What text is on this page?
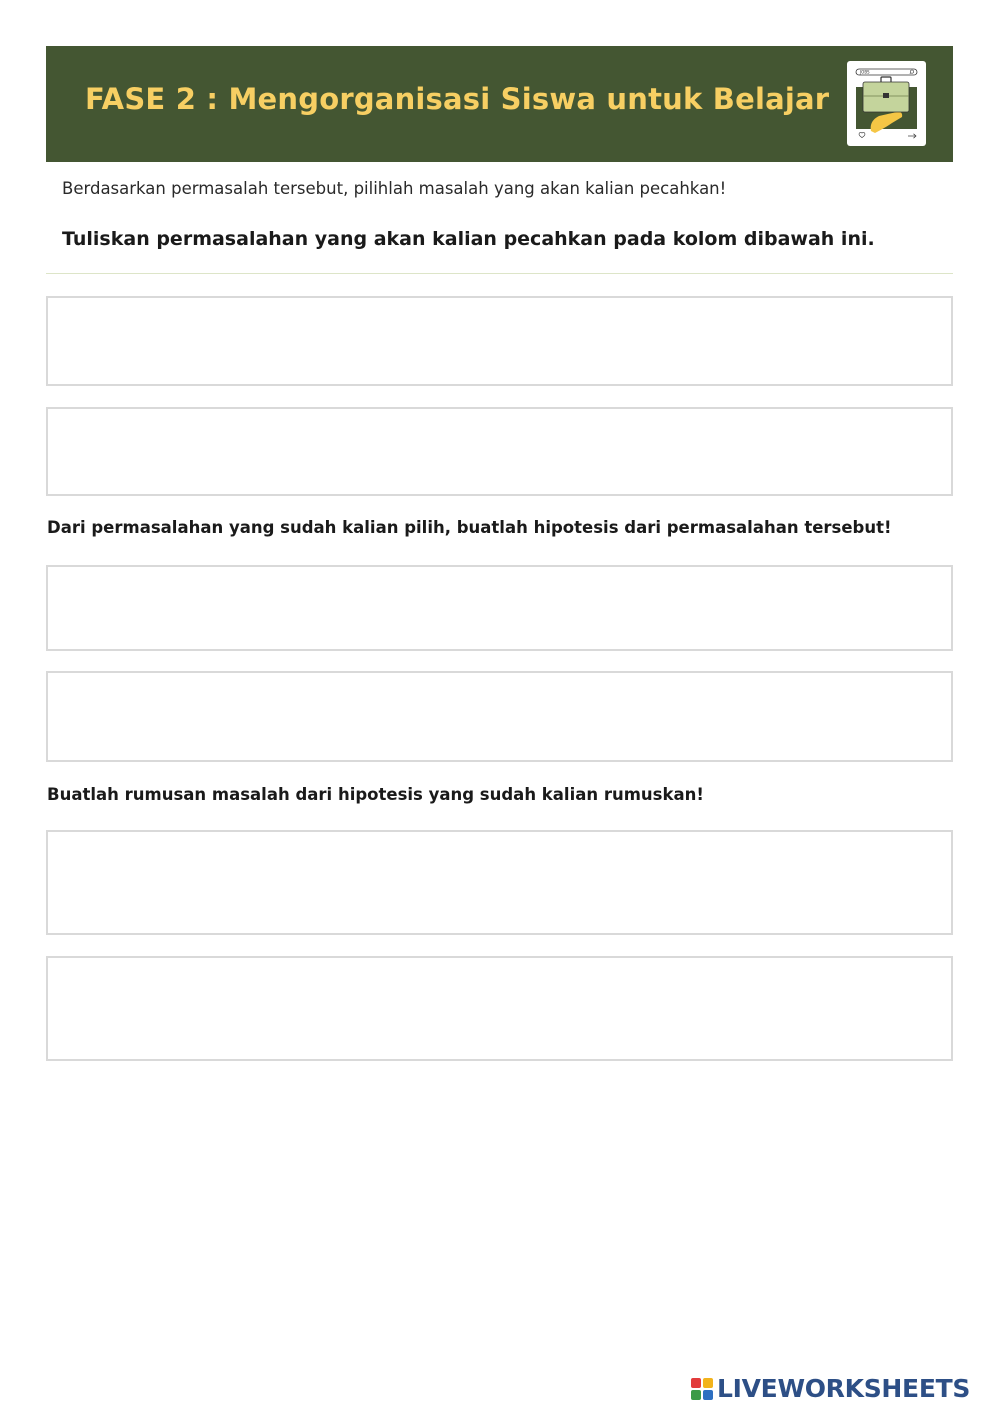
FASE 2 : Mengorganisasi Siswa untuk Belajar
JOBS
Berdasarkan permasalah tersebut, pilihlah masalah yang akan kalian pecahkan!
Tuliskan permasalahan yang akan kalian pecahkan pada kolom dibawah ini.
Dari permasalahan yang sudah kalian pilih, buatlah hipotesis dari permasalahan tersebut!
Buatlah rumusan masalah dari hipotesis yang sudah kalian rumuskan!
LIVEWORKSHEETS
